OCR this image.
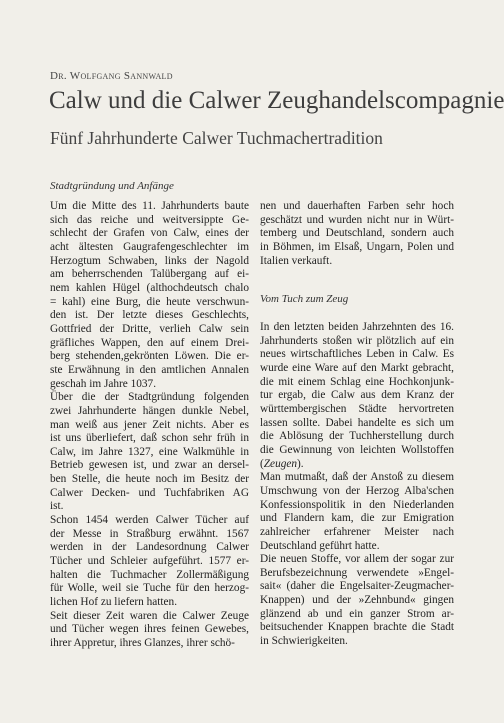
Dr. Wolfgang Sannwald
Calw und die Calwer Zeughandelscompagnie
Fünf Jahrhunderte Calwer Tuchmachertradition

Stadtgründung und Anfänge

Um die Mitte des 11. Jahrhunderts baute
sich das reiche und weitversippte Ge-
schlecht der Grafen von Calw, eines der
acht ältesten Gaugrafengeschlechter im
Herzogtum Schwaben, links der Nagold
am beherrschenden Talübergang auf ei-
nem kahlen Hügel (althochdeutsch chalo
= kahl) eine Burg, die heute verschwun-
den ist. Der letzte dieses Geschlechts,
Gottfried der Dritte, verlieh Calw sein
gräfliches Wappen, den auf einem Drei-
berg stehenden,gekrönten Löwen. Die er-
ste Erwähnung in den amtlichen Annalen
geschah im Jahre 1037.
Über die der Stadtgründung folgenden
zwei Jahrhunderte hängen dunkle Nebel,
man weiß aus jener Zeit nichts. Aber es
ist uns überliefert, daß schon sehr früh in
Calw, im Jahre 1327, eine Walkmühle in
Betrieb gewesen ist, und zwar an dersel-
ben Stelle, die heute noch im Besitz der
Calwer Decken- und Tuchfabriken AG
ist.
Schon 1454 werden Calwer Tücher auf
der Messe in Straßburg erwähnt. 1567
werden in der Landesordnung Calwer
Tücher und Schleier aufgeführt. 1577 er-
halten die Tuchmacher Zollermäßigung
für Wolle, weil sie Tuche für den herzog-
lichen Hof zu liefern hatten.
Seit dieser Zeit waren die Calwer Zeuge
und Tücher wegen ihres feinen Gewebes,
ihrer Appretur, ihres Glanzes, ihrer schö-
nen und dauerhaften Farben sehr hoch
geschätzt und wurden nicht nur in Würt-
temberg und Deutschland, sondern auch
in Böhmen, im Elsaß, Ungarn, Polen und
Italien verkauft.

Vom Tuch zum Zeug

In den letzten beiden Jahrzehnten des 16.
Jahrhunderts stoßen wir plötzlich auf ein
neues wirtschaftliches Leben in Calw. Es
wurde eine Ware auf den Markt gebracht,
die mit einem Schlag eine Hochkonjunk-
tur ergab, die Calw aus dem Kranz der
württembergischen Städte hervortreten
lassen sollte. Dabei handelte es sich um
die Ablösung der Tuchherstellung durch
die Gewinnung von leichten Wollstoffen
(Zeugen).
Man mutmaßt, daß der Anstoß zu diesem
Umschwung von der Herzog Alba'schen
Konfessionspolitik in den Niederlanden
und Flandern kam, die zur Emigration
zahlreicher erfahrener Meister nach
Deutschland geführt hatte.
Die neuen Stoffe, vor allem der sogar zur
Berufsbezeichnung verwendete »Engel-
sait« (daher die Engelsaiter-Zeugmacher-
Knappen) und der »Zehnbund« gingen
glänzend ab und ein ganzer Strom ar-
beitsuchender Knappen brachte die Stadt
in Schwierigkeiten.
